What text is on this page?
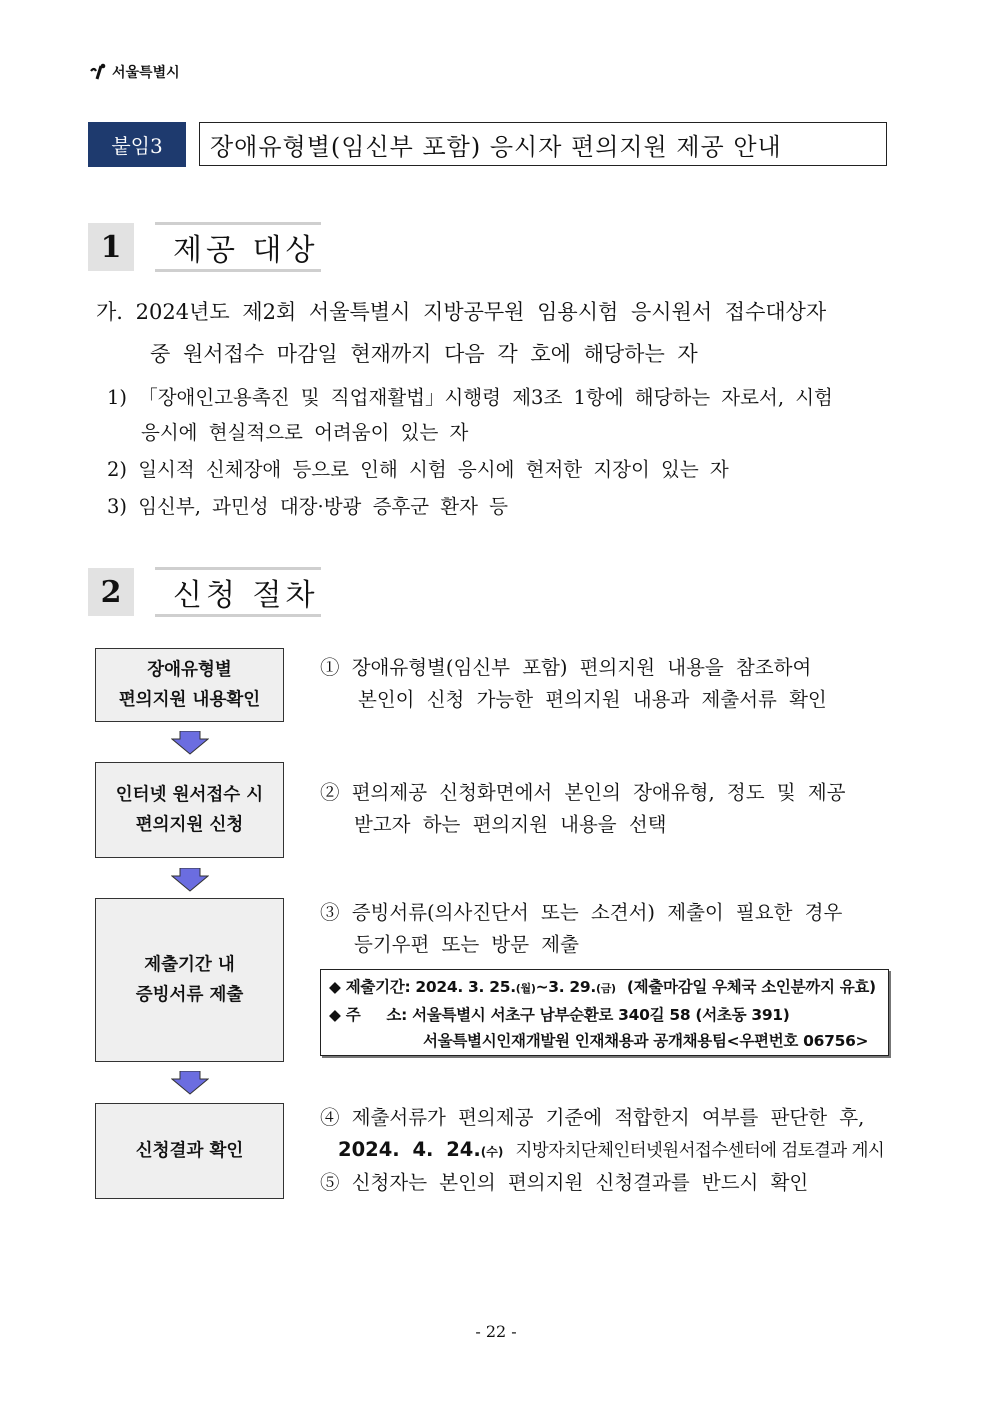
서울특별시
붙임3	장애유형별(임신부 포함) 응시자 편의지원 제공 안내
1	제공 대상
가. 2024년도 제2회 서울특별시 지방공무원 임용시험 응시원서 접수대상자
중 원서접수 마감일 현재까지 다음 각 호에 해당하는 자
1) 「장애인고용촉진 및 직업재활법」시행령 제3조 1항에 해당하는 자로서, 시험
응시에 현실적으로 어려움이 있는 자
2) 일시적 신체장애 등으로 인해 시험 응시에 현저한 지장이 있는 자
3) 임신부, 과민성 대장·방광 증후군 환자 등
2	신청 절차
장애유형별
편의지원 내용확인
① 장애유형별(임신부 포함) 편의지원 내용을 참조하여
본인이 신청 가능한 편의지원 내용과 제출서류 확인
인터넷 원서접수 시
편의지원 신청
② 편의제공 신청화면에서 본인의 장애유형, 정도 및 제공
받고자 하는 편의지원 내용을 선택
제출기간 내
증빙서류 제출
③ 증빙서류(의사진단서 또는 소견서) 제출이 필요한 경우
등기우편 또는 방문 제출
◆ 제출기간: 2024. 3. 25.(월)~3. 29.(금) (제출마감일 우체국 소인분까지 유효)
◆ 주 소: 서울특별시 서초구 남부순환로 340길 58 (서초동 391)
서울특별시인재개발원 인재채용과 공개채용팀<우편번호 06756>
신청결과 확인
④ 제출서류가 편의제공 기준에 적합한지 여부를 판단한 후,
2024. 4. 24.(수) 지방자치단체인터넷원서접수센터에 검토결과 게시
⑤ 신청자는 본인의 편의지원 신청결과를 반드시 확인
- 22 -
